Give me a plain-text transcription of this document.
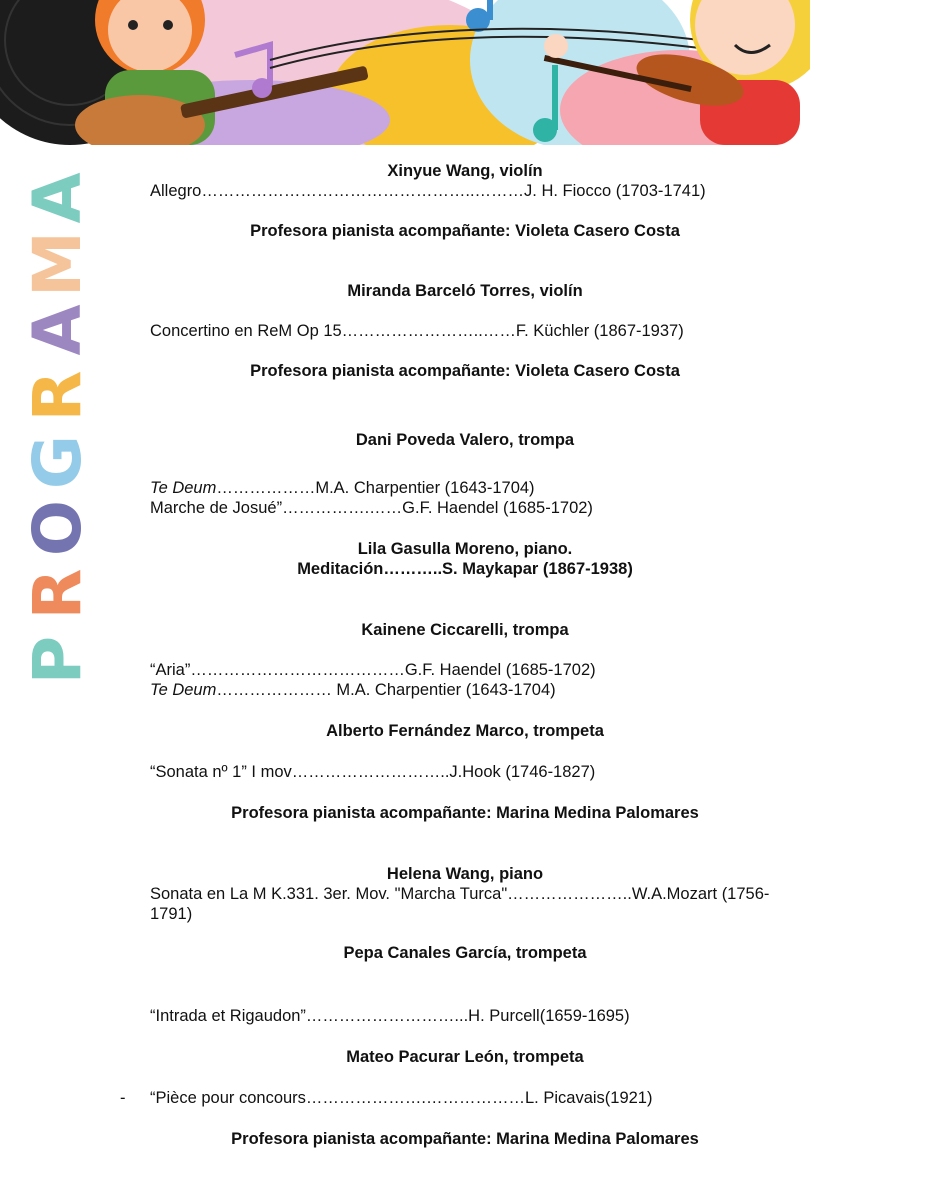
A
M
A
R
G
O
R
P
Xinyue Wang, violín
Allegro…………………………………………..………J. H. Fiocco (1703-1741)
Profesora pianista acompañante: Violeta Casero Costa
Miranda Barceló Torres, violín
Concertino en ReM Op 15……………………..……F. Küchler (1867-1937)
Profesora pianista acompañante: Violeta Casero Costa
Dani Poveda Valero, trompa
Te Deum………………M.A. Charpentier (1643-1704)
Marche de Josué”…………….……G.F. Haendel (1685-1702)
Lila Gasulla Moreno, piano.
Meditación………..S. Maykapar (1867-1938)
Kainene Ciccarelli, trompa
“Aria”…………………………………G.F. Haendel (1685-1702)
Te Deum………………… M.A. Charpentier (1643-1704)
Alberto Fernández Marco, trompeta
“Sonata nº 1” I mov………………………..J.Hook (1746-1827)
Profesora pianista acompañante: Marina Medina Palomares
Helena Wang, piano
Sonata en La M K.331. 3er. Mov. "Marcha Turca"…………………..W.A.Mozart (1756-1791)
Pepa Canales García, trompeta
“Intrada et Rigaudon”………………………...H. Purcell(1659-1695)
Mateo Pacurar León, trompeta
- “Pièce pour concours………………….………………L. Picavais(1921)
Profesora pianista acompañante: Marina Medina Palomares
